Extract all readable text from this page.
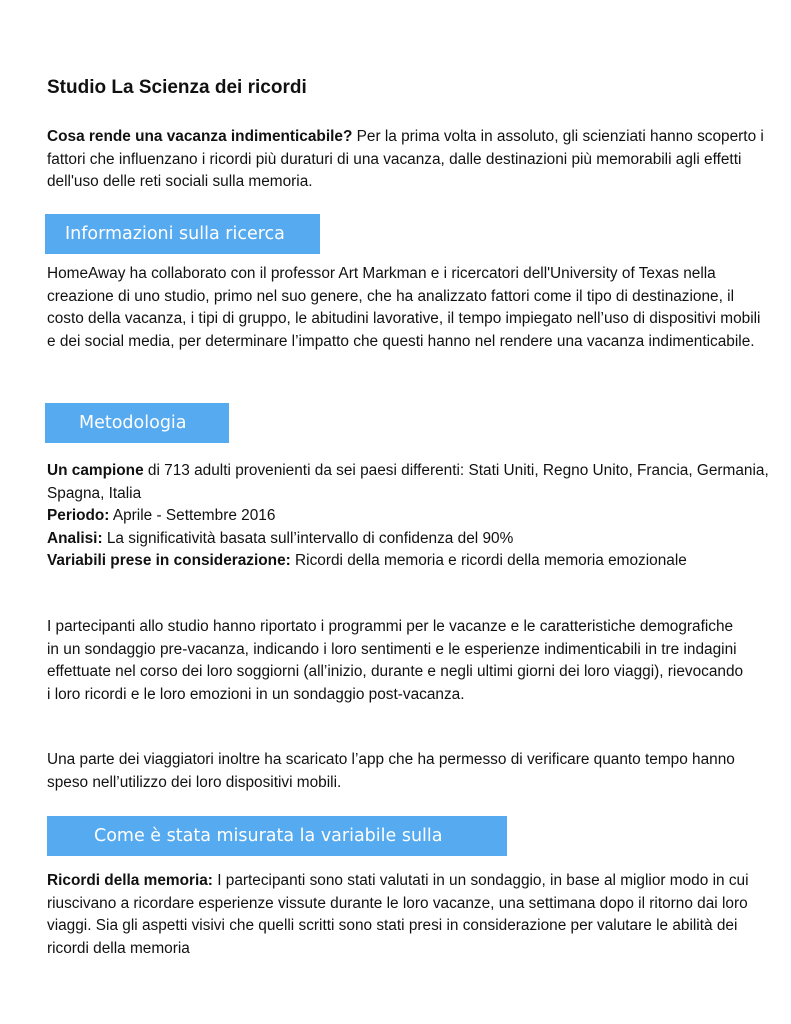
Studio La Scienza dei ricordi

Cosa rende una vacanza indimenticabile? Per la prima volta in assoluto, gli scienziati hanno scoperto i fattori che influenzano i ricordi più duraturi di una vacanza, dalle destinazioni più memorabili agli effetti dell'uso delle reti sociali sulla memoria.

Informazioni sulla ricerca

HomeAway ha collaborato con il professor Art Markman e i ricercatori dell'University of Texas nella creazione di uno studio, primo nel suo genere, che ha analizzato fattori come il tipo di destinazione, il costo della vacanza, i tipi di gruppo, le abitudini lavorative, il tempo impiegato nell’uso di dispositivi mobili e dei social media, per determinare l’impatto che questi hanno nel rendere una vacanza indimenticabile.

Metodologia

Un campione di 713 adulti provenienti da sei paesi differenti: Stati Uniti, Regno Unito, Francia, Germania, Spagna, Italia
Periodo: Aprile - Settembre 2016
Analisi: La significatività basata sull’intervallo di confidenza del 90%
Variabili prese in considerazione: Ricordi della memoria e ricordi della memoria emozionale

I partecipanti allo studio hanno riportato i programmi per le vacanze e le caratteristiche demografiche in un sondaggio pre-vacanza, indicando i loro sentimenti e le esperienze indimenticabili in tre indagini effettuate nel corso dei loro soggiorni (all’inizio, durante e negli ultimi giorni dei loro viaggi), rievocando i loro ricordi e le loro emozioni in un sondaggio post-vacanza.

Una parte dei viaggiatori inoltre ha scaricato l’app che ha permesso di verificare quanto tempo hanno speso nell’utilizzo dei loro dispositivi mobili.

Come è stata misurata la variabile sulla

Ricordi della memoria: I partecipanti sono stati valutati in un sondaggio, in base al miglior modo in cui riuscivano a ricordare esperienze vissute durante le loro vacanze, una settimana dopo il ritorno dai loro viaggi. Sia gli aspetti visivi che quelli scritti sono stati presi in considerazione per valutare le abilità dei ricordi della memoria
